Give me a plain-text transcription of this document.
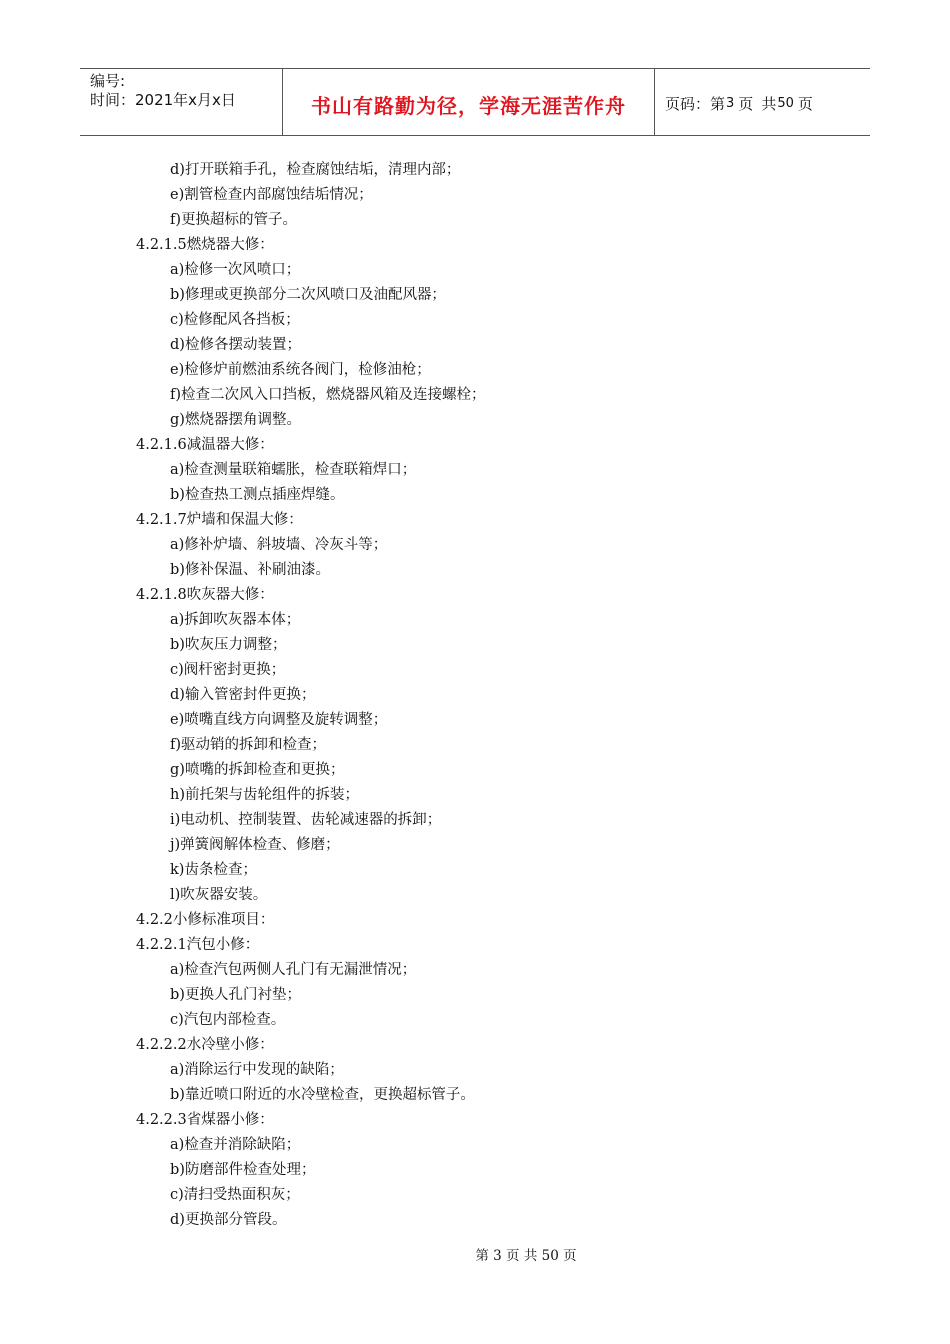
编号:
时间：2021年x月x日	书山有路勤为径，学海无涯苦作舟	页码：第 3 页 共 50 页
d)打开联箱手孔，检查腐蚀结垢，清理内部；
e)割管检查内部腐蚀结垢情况；
f)更换超标的管子。
4.2.1.5燃烧器大修：
a)检修一次风喷口；
b)修理或更换部分二次风喷口及油配风器；
c)检修配风各挡板；
d)检修各摆动装置；
e)检修炉前燃油系统各阀门，检修油枪；
f)检查二次风入口挡板，燃烧器风箱及连接螺栓；
g)燃烧器摆角调整。
4.2.1.6减温器大修：
a)检查测量联箱蠕胀，检查联箱焊口；
b)检查热工测点插座焊缝。
4.2.1.7炉墙和保温大修：
a)修补炉墙、斜坡墙、冷灰斗等；
b)修补保温、补刷油漆。
4.2.1.8吹灰器大修：
a)拆卸吹灰器本体；
b)吹灰压力调整；
c)阀杆密封更换；
d)输入管密封件更换；
e)喷嘴直线方向调整及旋转调整；
f)驱动销的拆卸和检查；
g)喷嘴的拆卸检查和更换；
h)前托架与齿轮组件的拆装；
i)电动机、控制装置、齿轮减速器的拆卸；
j)弹簧阀解体检查、修磨；
k)齿条检查；
l)吹灰器安装。
4.2.2小修标准项目：
4.2.2.1汽包小修：
a)检查汽包两侧人孔门有无漏泄情况；
b)更换人孔门衬垫；
c)汽包内部检查。
4.2.2.2水冷壁小修：
a)消除运行中发现的缺陷；
b)靠近喷口附近的水冷壁检查，更换超标管子。
4.2.2.3省煤器小修：
a)检查并消除缺陷；
b)防磨部件检查处理；
c)清扫受热面积灰；
d)更换部分管段。
第 3 页 共 50 页
